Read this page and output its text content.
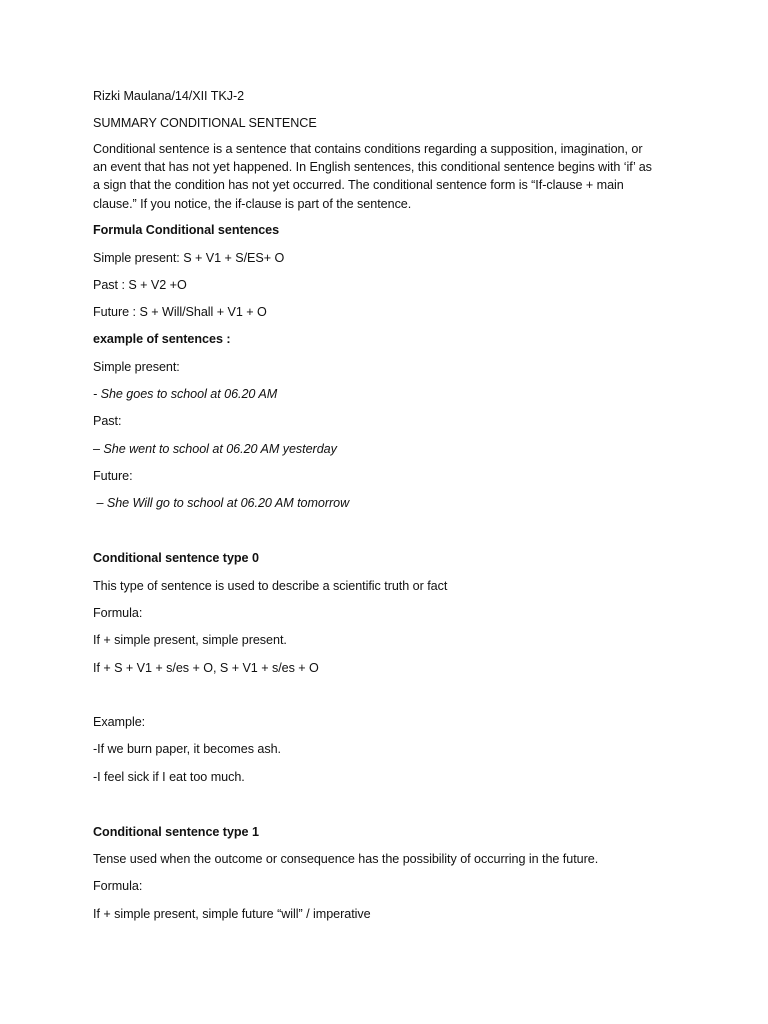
Rizki Maulana/14/XII TKJ-2
SUMMARY CONDITIONAL SENTENCE
Conditional sentence is a sentence that contains conditions regarding a supposition, imagination, or
an event that has not yet happened. In English sentences, this conditional sentence begins with ‘if’ as
a sign that the condition has not yet occurred. The conditional sentence form is “If-clause + main
clause.” If you notice, the if-clause is part of the sentence.
Formula Conditional sentences
Simple present: S + V1 + S/ES+ O
Past : S + V2 +O
Future : S + Will/Shall + V1 + O
example of sentences :
Simple present:
- She goes to school at 06.20 AM
Past:
– She went to school at 06.20 AM yesterday
Future:
– She Will go to school at 06.20 AM tomorrow
Conditional sentence type 0
This type of sentence is used to describe a scientific truth or fact
Formula:
If + simple present, simple present.
If + S + V1 + s/es + O, S + V1 + s/es + O
Example:
-If we burn paper, it becomes ash.
-I feel sick if I eat too much.
Conditional sentence type 1
Tense used when the outcome or consequence has the possibility of occurring in the future.
Formula:
If + simple present, simple future “will” / imperative
